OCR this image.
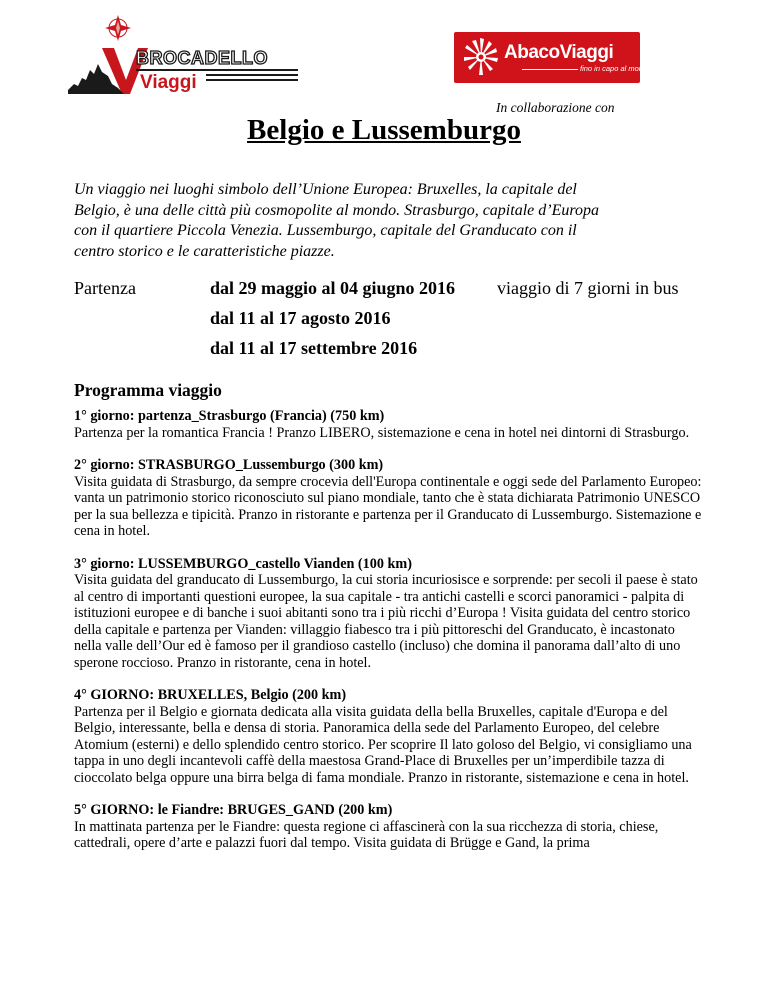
BROCADELLO
Viaggi
AbacoViaggi
fino in capo al mondo
In collaborazione con
Belgio e Lussemburgo

Un viaggio nei luoghi simbolo dell’Unione Europea: Bruxelles, la capitale del

Belgio, è una delle città più cosmopolite al mondo. Strasburgo, capitale d’Europa

con il quartiere Piccola Venezia. Lussemburgo, capitale del Granducato con il

centro storico e le caratteristiche piazze.

Partenza	dal 29 maggio al 04 giugno 2016
dal 11 al 17 agosto 2016
dal 11 al 17 settembre 2016
viaggio di 7 giorni in bus
Programma viaggio
1° giorno: partenza_Strasburgo (Francia) (750 km)
Partenza per la romantica Francia ! Pranzo LIBERO, sistemazione e cena in hotel nei dintorni di Strasburgo.
2° giorno: STRASBURGO_Lussemburgo (300 km)
Visita guidata di Strasburgo, da sempre crocevia dell'Europa continentale e oggi sede del Parlamento Europeo: vanta un patrimonio storico riconosciuto sul piano mondiale, tanto che è stata dichiarata Patrimonio UNESCO per la sua bellezza e tipicità. Pranzo in ristorante e partenza per il Granducato di Lussemburgo. Sistemazione e cena in hotel.
3° giorno: LUSSEMBURGO_castello Vianden (100 km)
Visita guidata del granducato di Lussemburgo, la cui storia incuriosisce e sorprende: per secoli il paese è stato al centro di importanti questioni europee, la sua capitale - tra antichi castelli e scorci panoramici - palpita di istituzioni europee e di banche i suoi abitanti sono tra i più ricchi d’Europa ! Visita guidata del centro storico della capitale e partenza per Vianden: villaggio fiabesco tra i più pittoreschi del Granducato, è incastonato nella valle dell’Our ed è famoso per il grandioso castello (incluso) che domina il panorama dall’alto di uno sperone roccioso. Pranzo in ristorante, cena in hotel.
4° GIORNO: BRUXELLES, Belgio (200 km)
Partenza per il Belgio e giornata dedicata alla visita guidata della bella Bruxelles, capitale d'Europa e del Belgio, interessante, bella e densa di storia. Panoramica della sede del Parlamento Europeo, del celebre Atomium (esterni) e dello splendido centro storico. Per scoprire Il lato goloso del Belgio, vi consigliamo una tappa in uno degli incantevoli caffè della maestosa Grand-Place di Bruxelles per un’imperdibile tazza di cioccolato belga oppure una birra belga di fama mondiale. Pranzo in ristorante, sistemazione e cena in hotel.
5° GIORNO: le Fiandre: BRUGES_GAND (200 km)
In mattinata partenza per le Fiandre: questa regione ci affascinerà con la sua ricchezza di storia, chiese, cattedrali, opere d’arte e palazzi fuori dal tempo. Visita guidata di Brügge e Gand, la prima
